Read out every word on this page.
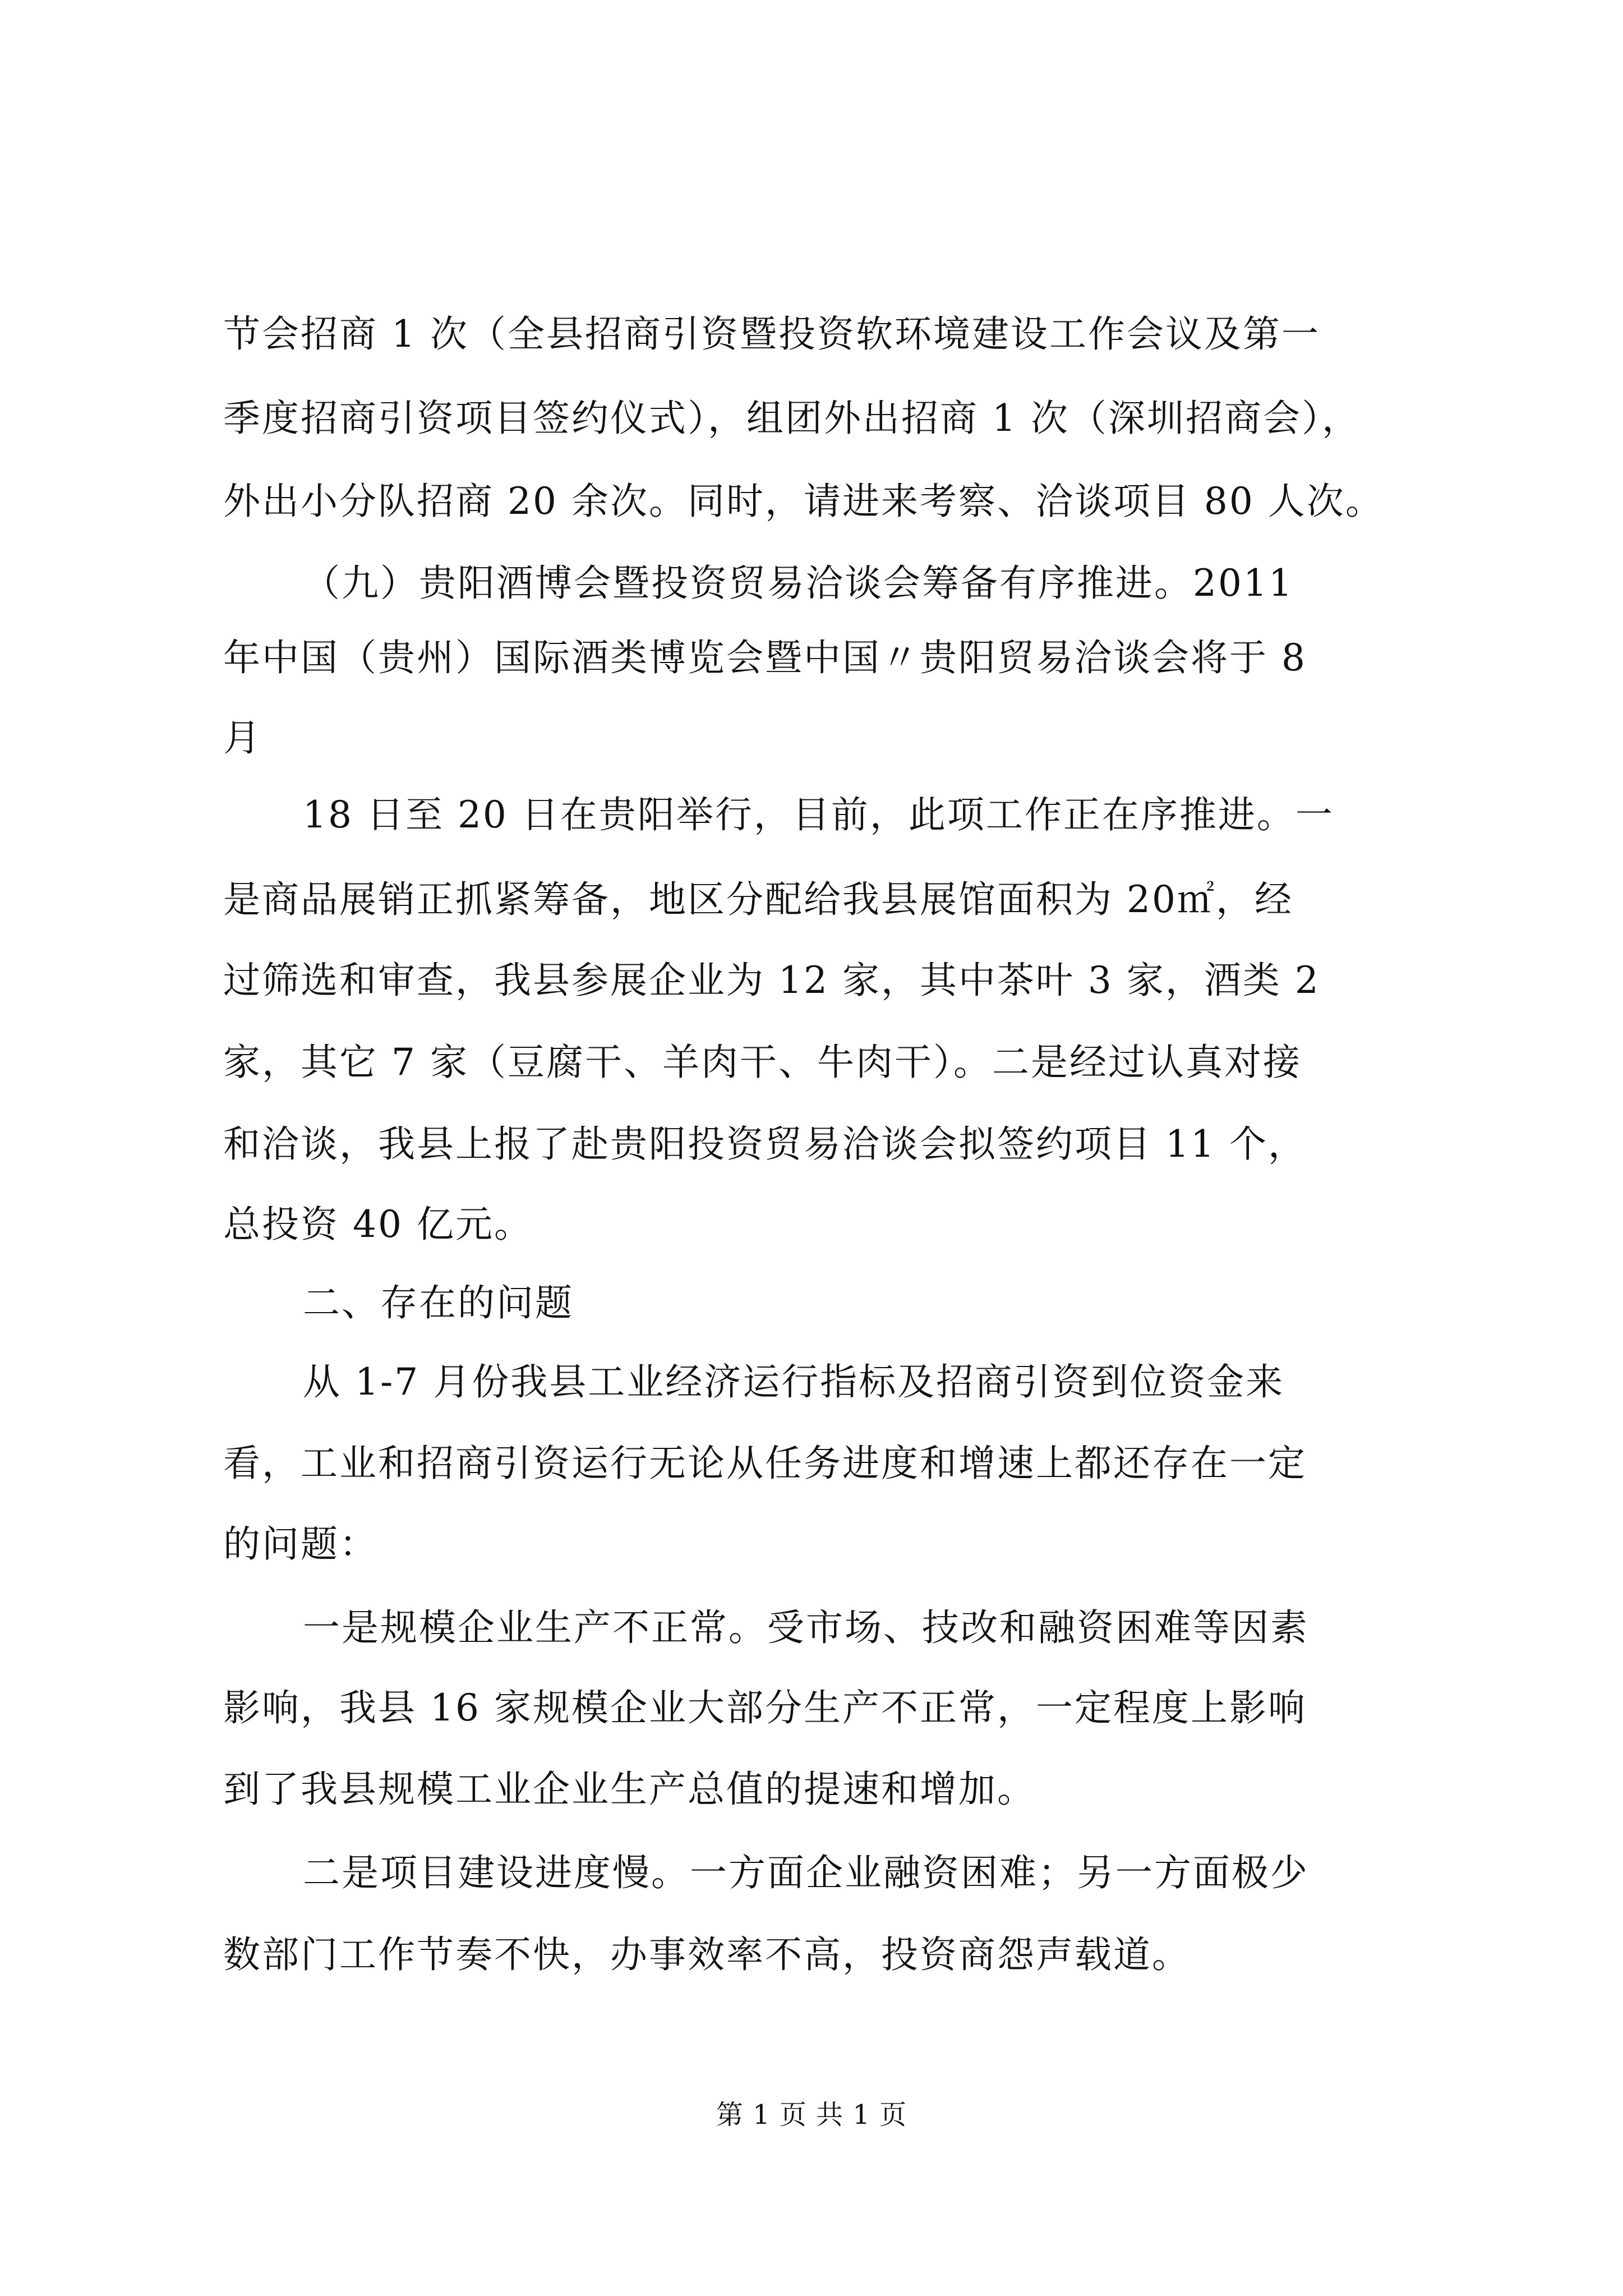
节会招商 1 次（全县招商引资暨投资软环境建设工作会议及第一
季度招商引资项目签约仪式），组团外出招商 1 次（深圳招商会），
外出小分队招商 20 余次。同时，请进来考察、洽谈项目 80 人次。
（九）贵阳酒博会暨投资贸易洽谈会筹备有序推进。2011
年中国（贵州）国际酒类博览会暨中国〃贵阳贸易洽谈会将于 8
月
18 日至 20 日在贵阳举行，目前，此项工作正在序推进。一
是商品展销正抓紧筹备，地区分配给我县展馆面积为 20㎡，经
过筛选和审查，我县参展企业为 12 家，其中茶叶 3 家，酒类 2
家，其它 7 家（豆腐干、羊肉干、牛肉干）。二是经过认真对接
和洽谈，我县上报了赴贵阳投资贸易洽谈会拟签约项目 11 个，
总投资 40 亿元。
二、存在的问题
从 1-7 月份我县工业经济运行指标及招商引资到位资金来
看，工业和招商引资运行无论从任务进度和增速上都还存在一定
的问题：
一是规模企业生产不正常。受市场、技改和融资困难等因素
影响，我县 16 家规模企业大部分生产不正常，一定程度上影响
到了我县规模工业企业生产总值的提速和增加。
二是项目建设进度慢。一方面企业融资困难；另一方面极少
数部门工作节奏不快，办事效率不高，投资商怨声载道。
第 1 页 共 1 页
